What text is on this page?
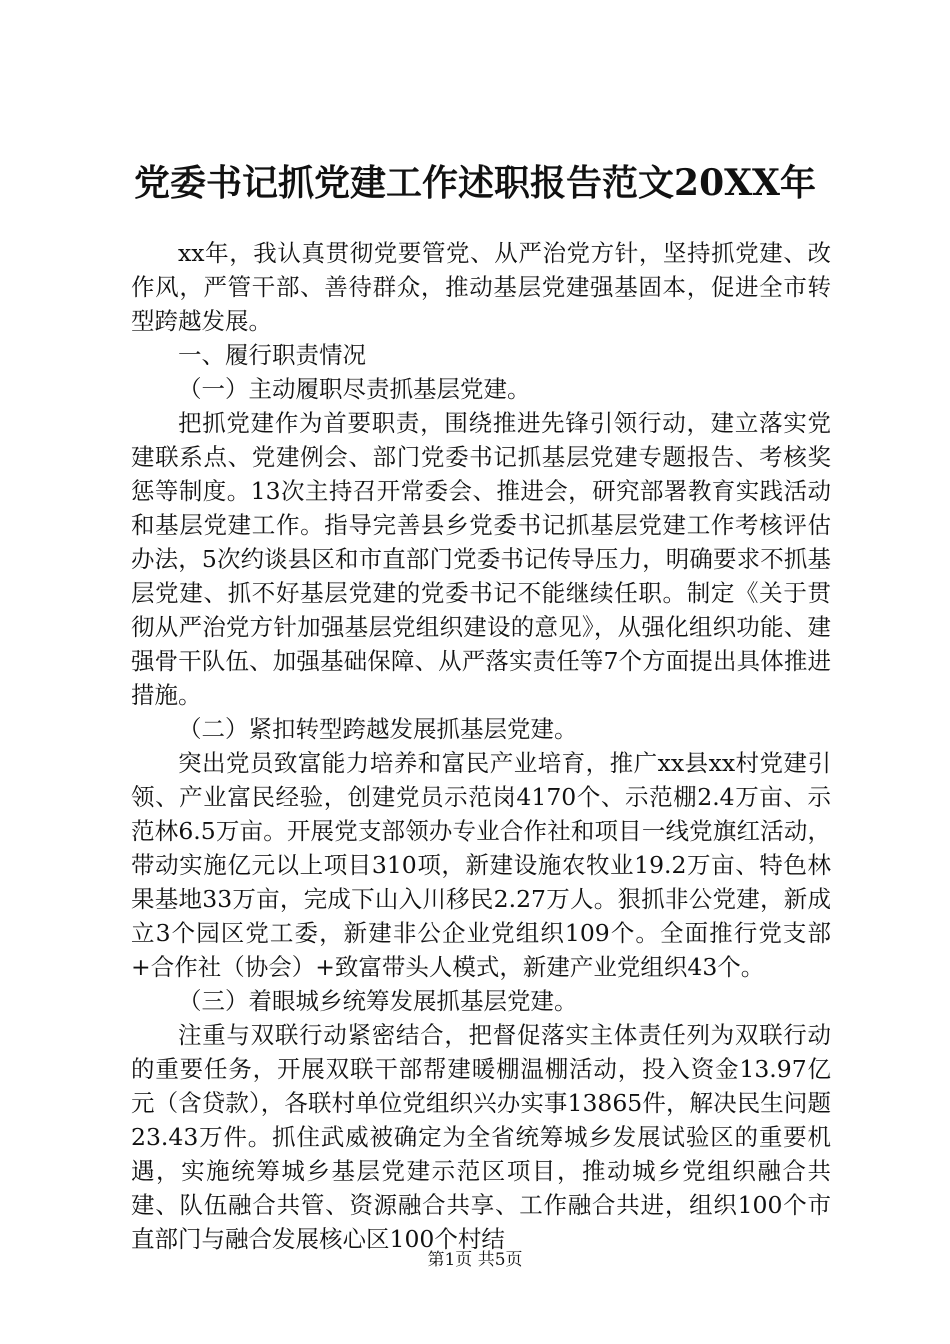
党委书记抓党建工作述职报告范文20XX年

xx年，我认真贯彻党要管党、从严治党方针，坚持抓党建、改作风，严管干部、善待群众，推动基层党建强基固本，促进全市转型跨越发展。

一、履行职责情况

（一）主动履职尽责抓基层党建。

把抓党建作为首要职责，围绕推进先锋引领行动，建立落实党建联系点、党建例会、部门党委书记抓基层党建专题报告、考核奖惩等制度。13次主持召开常委会、推进会，研究部署教育实践活动和基层党建工作。指导完善县乡党委书记抓基层党建工作考核评估办法，5次约谈县区和市直部门党委书记传导压力，明确要求不抓基层党建、抓不好基层党建的党委书记不能继续任职。制定《关于贯彻从严治党方针加强基层党组织建设的意见》，从强化组织功能、建强骨干队伍、加强基础保障、从严落实责任等7个方面提出具体推进措施。

（二）紧扣转型跨越发展抓基层党建。

突出党员致富能力培养和富民产业培育，推广xx县xx村党建引领、产业富民经验，创建党员示范岗4170个、示范棚2.4万亩、示范林6.5万亩。开展党支部领办专业合作社和项目一线党旗红活动，带动实施亿元以上项目310项，新建设施农牧业19.2万亩、特色林果基地33万亩，完成下山入川移民2.27万人。狠抓非公党建，新成立3个园区党工委，新建非公企业党组织109个。全面推行党支部+合作社（协会）+致富带头人模式，新建产业党组织43个。

（三）着眼城乡统筹发展抓基层党建。

注重与双联行动紧密结合，把督促落实主体责任列为双联行动的重要任务，开展双联干部帮建暖棚温棚活动，投入资金13.97亿元（含贷款），各联村单位党组织兴办实事13865件，解决民生问题23.43万件。抓住武威被确定为全省统筹城乡发展试验区的重要机遇，实施统筹城乡基层党建示范区项目，推动城乡党组织融合共建、队伍融合共管、资源融合共享、工作融合共进，组织100个市直部门与融合发展核心区100个村结

第1页 共5页
